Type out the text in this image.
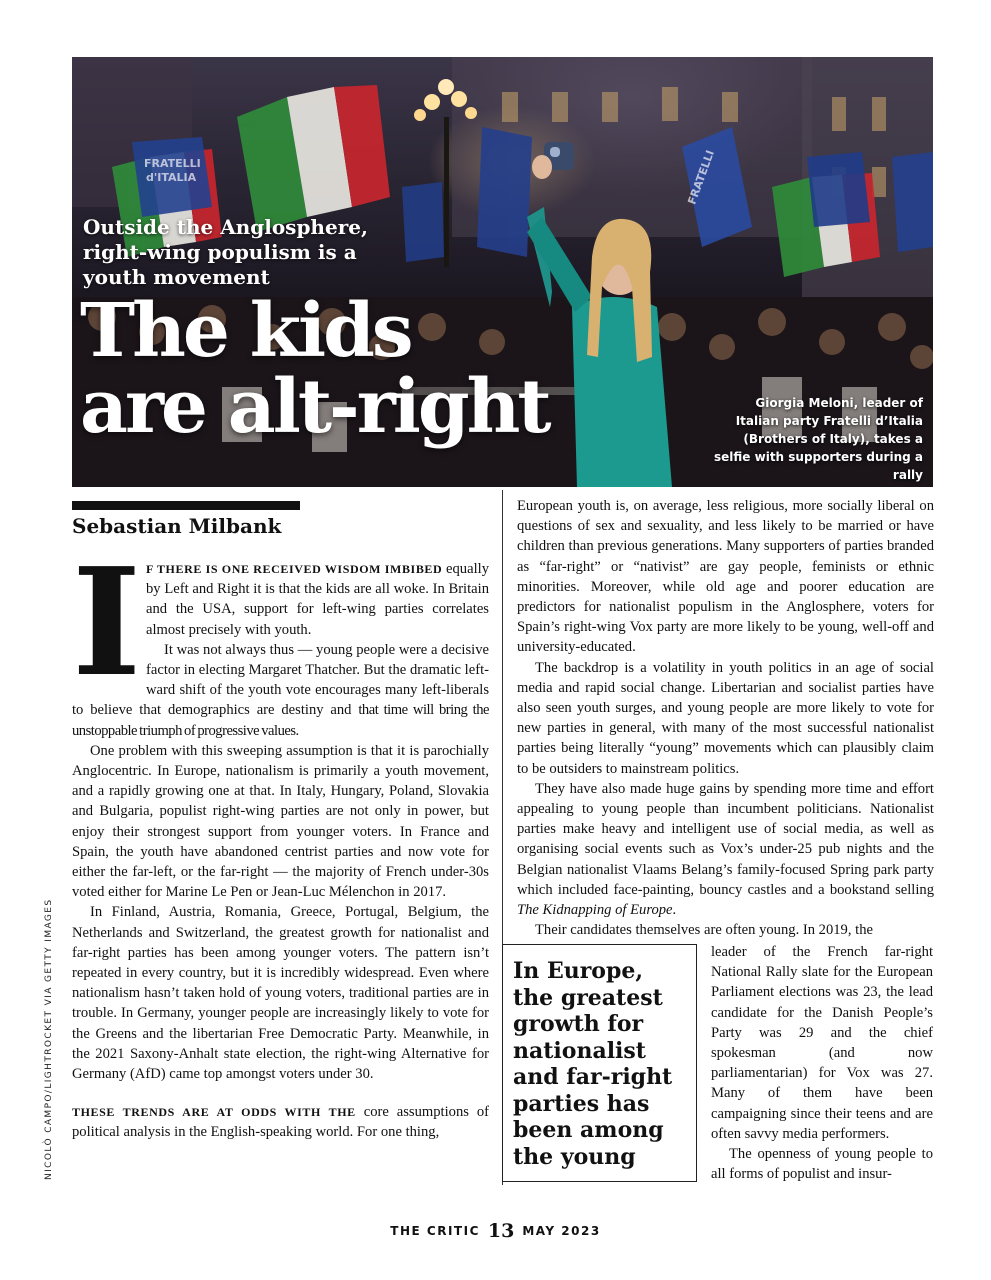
FRATELLI
d'ITALIA	FRATELLI
Outside the Anglosphere, right-wing populism is a youth movement
The kids
are alt-right	Giorgia Meloni, leader of Italian party Fratelli d’Italia (Brothers of Italy), takes a selfie with supporters during a rally
NICOLÒ CAMPO/LIGHTROCKET VIA GETTY IMAGES
Sebastian Milbank
I F THERE IS ONE RECEIVED WISDOM IMBIBED equally by Left and Right it is that the kids are all woke. In Britain and the USA, support for left-wing parties correlates almost precisely with youth.

It was not always thus — young people were a decisive factor in electing Margaret Thatcher. But the dramatic left-ward shift of the youth vote encourages many left-liberals to believe that demographics are destiny and that time will bring the unstoppable triumph of progressive values.

One problem with this sweeping assumption is that it is parochially Anglocentric. In Europe, nationalism is primarily a youth movement, and a rapidly growing one at that. In Italy, Hungary, Poland, Slovakia and Bulgaria, populist right-wing parties are not only in power, but enjoy their strongest support from younger voters. In France and Spain, the youth have abandoned centrist parties and now vote for either the far-left, or the far-right — the majority of French under-30s voted either for Marine Le Pen or Jean-Luc Mélenchon in 2017.

In Finland, Austria, Romania, Greece, Portugal, Belgium, the Netherlands and Switzerland, the greatest growth for nationalist and far-right parties has been among younger voters. The pattern isn’t repeated in every country, but it is incredibly widespread. Even where nationalism hasn’t taken hold of young voters, traditional parties are in trouble. In Germany, younger people are increasingly likely to vote for the Greens and the libertarian Free Democratic Party. Meanwhile, in the 2021 Saxony-Anhalt state election, the right-wing Alternative for Germany (AfD) came top amongst voters under 30.

THESE TRENDS ARE AT ODDS WITH THE core assumptions of political analysis in the English-speaking world. For one thing,

European youth is, on average, less religious, more socially liberal on questions of sex and sexuality, and less likely to be married or have children than previous generations. Many supporters of parties branded as “far-right” or “nativist” are gay people, feminists or ethnic minorities. Moreover, while old age and poorer education are predictors for nationalist populism in the Anglosphere, voters for Spain’s right-wing Vox party are more likely to be young, well-off and university-educated.

The backdrop is a volatility in youth politics in an age of social media and rapid social change. Libertarian and socialist parties have also seen youth surges, and young people are more likely to vote for new parties in general, with many of the most successful nationalist parties being literally “young” movements which can plausibly claim to be outsiders to mainstream politics.

They have also made huge gains by spending more time and effort appealing to young people than incumbent politicians. Nationalist parties make heavy and intelligent use of social media, as well as organising social events such as Vox’s under-25 pub nights and the Belgian nationalist Vlaams Belang’s family-focused Spring park party which included face-painting, bouncy castles and a bookstand selling The Kidnapping of Europe.

Their candidates themselves are often young. In 2019, the

In Europe, the greatest growth for nationalist and far-right parties has been among the young

leader of the French far-right National Rally slate for the European Parliament elections was 23, the lead candidate for the Danish People’s Party was 29 and the chief spokesman (and now parliamentarian) for Vox was 27. Many of them have been campaigning since their teens and are often savvy media performers.

The openness of young people to all forms of populist and insur-

THE CRITIC 13 MAY 2023
